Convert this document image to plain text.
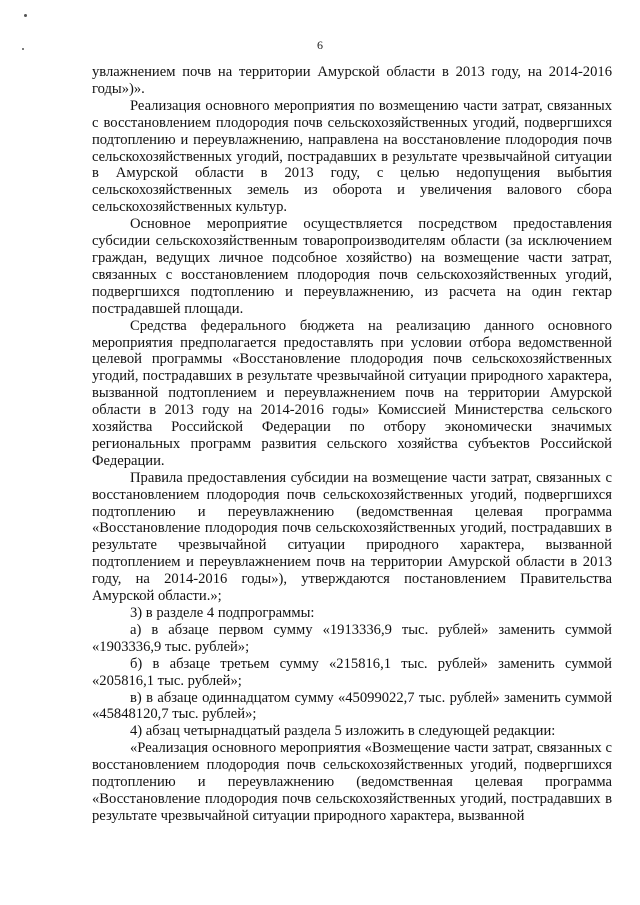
6

увлажнением почв на территории Амурской области в 2013 году, на 2014-2016 годы»)».

Реализация основного мероприятия по возмещению части затрат, связанных с восстановлением плодородия почв сельскохозяйственных угодий, подвергшихся подтоплению и переувлажнению, направлена на восстановление плодородия почв сельскохозяйственных угодий, пострадавших в результате чрезвычайной ситуации в Амурской области в 2013 году, с целью недопущения выбытия сельскохозяйственных земель из оборота и увеличения валового сбора сельскохозяйственных культур.

Основное мероприятие осуществляется посредством предоставления субсидии сельскохозяйственным товаропроизводителям области (за исключением граждан, ведущих личное подсобное хозяйство) на возмещение части затрат, связанных с восстановлением плодородия почв сельскохозяйственных угодий, подвергшихся подтоплению и переувлажнению, из расчета на один гектар пострадавшей площади.

Средства федерального бюджета на реализацию данного основного мероприятия предполагается предоставлять при условии отбора ведомственной целевой программы «Восстановление плодородия почв сельскохозяйственных угодий, пострадавших в результате чрезвычайной ситуации природного характера, вызванной подтоплением и переувлажнением почв на территории Амурской области в 2013 году на 2014-2016 годы» Комиссией Министерства сельского хозяйства Российской Федерации по отбору экономически значимых региональных программ развития сельского хозяйства субъектов Российской Федерации.

Правила предоставления субсидии на возмещение части затрат, связанных с восстановлением плодородия почв сельскохозяйственных угодий, подвергшихся подтоплению и переувлажнению (ведомственная целевая программа «Восстановление плодородия почв сельскохозяйственных угодий, пострадавших в результате чрезвычайной ситуации природного характера, вызванной подтоплением и переувлажнением почв на территории Амурской области в 2013 году, на 2014-2016 годы»), утверждаются постановлением Правительства Амурской области.»;

3) в разделе 4 подпрограммы:

а) в абзаце первом сумму «1913336,9 тыс. рублей» заменить суммой «1903336,9 тыс. рублей»;

б) в абзаце третьем сумму «215816,1 тыс. рублей» заменить суммой «205816,1 тыс. рублей»;

в) в абзаце одиннадцатом сумму «45099022,7 тыс. рублей» заменить суммой «45848120,7 тыс. рублей»;

4) абзац четырнадцатый раздела 5 изложить в следующей редакции:

«Реализация основного мероприятия «Возмещение части затрат, связанных с восстановлением плодородия почв сельскохозяйственных угодий, подвергшихся подтоплению и переувлажнению (ведомственная целевая программа «Восстановление плодородия почв сельскохозяйственных угодий, пострадавших в результате чрезвычайной ситуации природного характера, вызванной
